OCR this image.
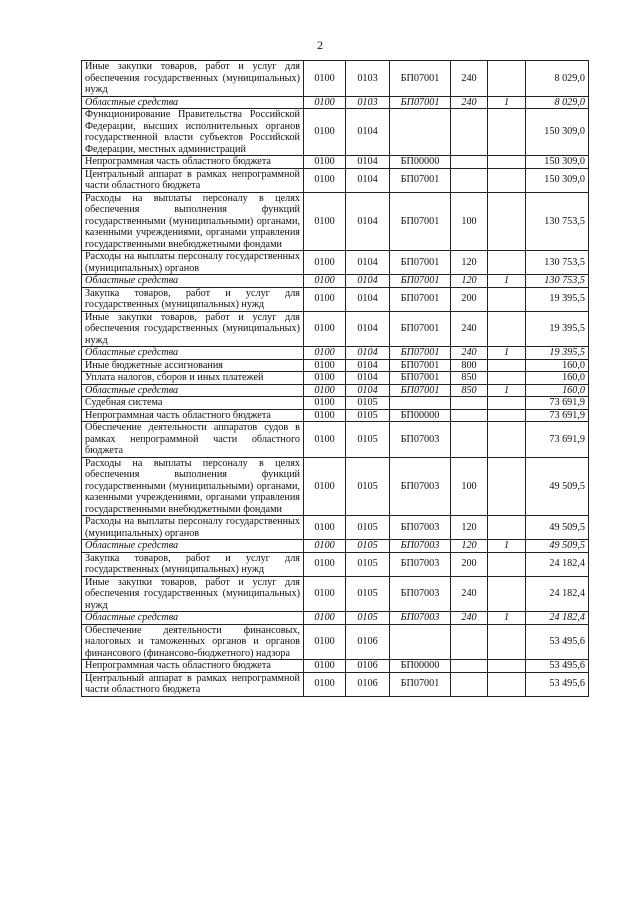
2
Иные закупки товаров, работ и услуг для обеспечения государственных (муниципальных) нужд	0100	0103	БП07001	240		8 029,0
Областные средства	0100	0103	БП07001	240	1	8 029,0
Функционирование Правительства Российской Федерации, высших исполнительных органов государственной власти субъектов Российской Федерации, местных администраций	0100	0104				150 309,0
Непрограммная часть областного бюджета	0100	0104	БП00000			150 309,0
Центральный аппарат в рамках непрограммной части областного бюджета	0100	0104	БП07001			150 309,0
Расходы на выплаты персоналу в целях обеспечения выполнения функций государственными (муниципальными) органами, казенными учреждениями, органами управления государственными внебюджетными фондами	0100	0104	БП07001	100		130 753,5
Расходы на выплаты персоналу государственных (муниципальных) органов	0100	0104	БП07001	120		130 753,5
Областные средства	0100	0104	БП07001	120	1	130 753,5
Закупка товаров, работ и услуг для государственных (муниципальных) нужд	0100	0104	БП07001	200		19 395,5
Иные закупки товаров, работ и услуг для обеспечения государственных (муниципальных) нужд	0100	0104	БП07001	240		19 395,5
Областные средства	0100	0104	БП07001	240	1	19 395,5
Иные бюджетные ассигнования	0100	0104	БП07001	800		160,0
Уплата налогов, сборов и иных платежей	0100	0104	БП07001	850		160,0
Областные средства	0100	0104	БП07001	850	1	160,0
Судебная система	0100	0105				73 691,9
Непрограммная часть областного бюджета	0100	0105	БП00000			73 691,9
Обеспечение деятельности аппаратов судов в рамках непрограммной части областного бюджета	0100	0105	БП07003			73 691,9
Расходы на выплаты персоналу в целях обеспечения выполнения функций государственными (муниципальными) органами, казенными учреждениями, органами управления государственными внебюджетными фондами	0100	0105	БП07003	100		49 509,5
Расходы на выплаты персоналу государственных (муниципальных) органов	0100	0105	БП07003	120		49 509,5
Областные средства	0100	0105	БП07003	120	1	49 509,5
Закупка товаров, работ и услуг для государственных (муниципальных) нужд	0100	0105	БП07003	200		24 182,4
Иные закупки товаров, работ и услуг для обеспечения государственных (муниципальных) нужд	0100	0105	БП07003	240		24 182,4
Областные средства	0100	0105	БП07003	240	1	24 182,4
Обеспечение деятельности финансовых, налоговых и таможенных органов и органов финансового (финансово-бюджетного) надзора	0100	0106				53 495,6
Непрограммная часть областного бюджета	0100	0106	БП00000			53 495,6
Центральный аппарат в рамках непрограммной части областного бюджета	0100	0106	БП07001			53 495,6
